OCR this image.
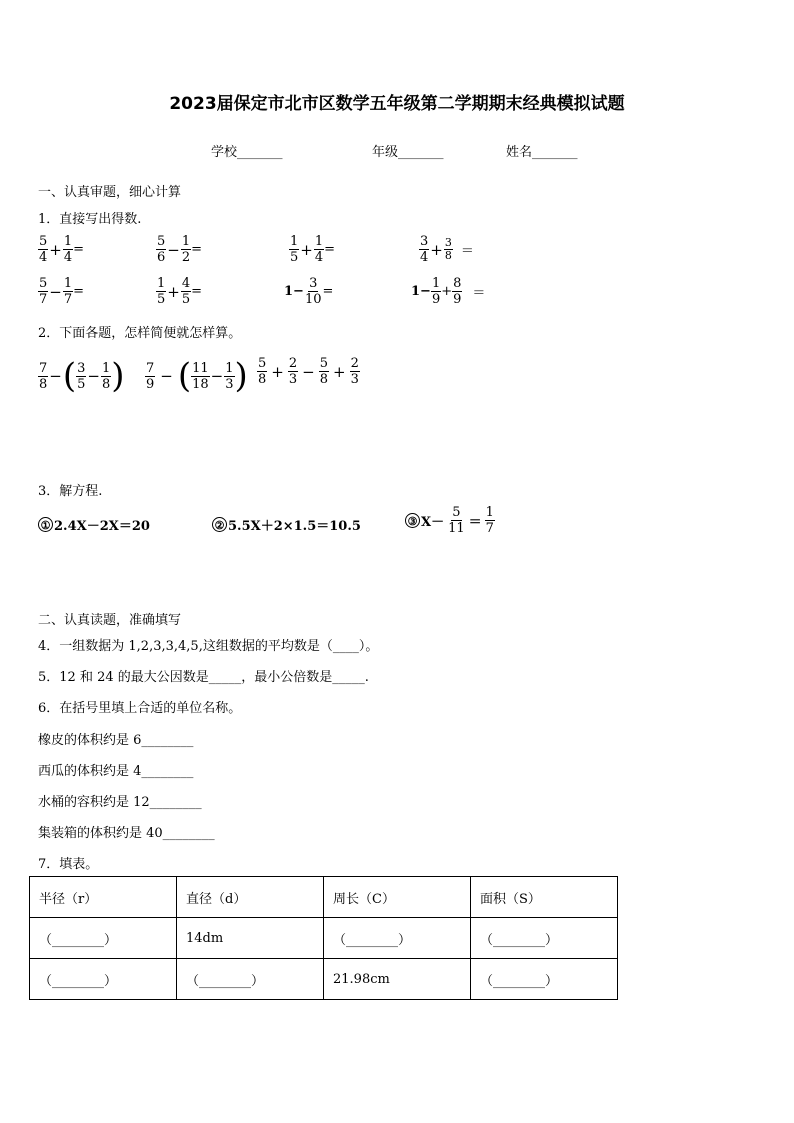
2023届保定市北市区数学五年级第二学期期末经典模拟试题
学校_______	年级_______	姓名_______
一、认真审题，细心计算
1．直接写出得数.
$\frac{5}{4} + \frac{1}{4}$ =	$\frac{5}{6} - \frac{1}{2}$ =	$\frac{1}{5} + \frac{1}{4}$ =	$\frac{3}{4} + \frac{3}{8}$ ＝
$\frac{5}{7} - \frac{1}{7}$ =	$\frac{1}{5} + \frac{4}{5}$ =	$1- \frac{3}{10}$ =	$1- \frac{1}{9} + \frac{8}{9}$ ＝
2．下面各题，怎样简便就怎样算。
$\frac{7}{8}$ − ( $\frac{3}{5} - \frac{1}{8}$ ) $\frac{7}{9}$ − ( $\frac{11}{18} - \frac{1}{3}$ ) $\frac{5}{8} + \frac{2}{3} - \frac{5}{8} + \frac{2}{3}$
3．解方程.
① 2.4X－2X＝20	② 5.5X＋2×1.5＝10.5	③ $X- \frac{5}{11} = \frac{1}{7}$
二、认真读题，准确填写
4．一组数据为 1,2,3,3,4,5,这组数据的平均数是（____）。
5．12 和 24 的最大公因数是_____，最小公倍数是_____.
6．在括号里填上合适的单位名称。
橡皮的体积约是 6________
西瓜的体积约是 4________
水桶的容积约是 12________
集装箱的体积约是 40________
7．填表。
半径（r）	直径（d）	周长（C）	面积（S）
（________）	14dm	（________）	（________）
（________）	（________）	21.98cm	（________）
